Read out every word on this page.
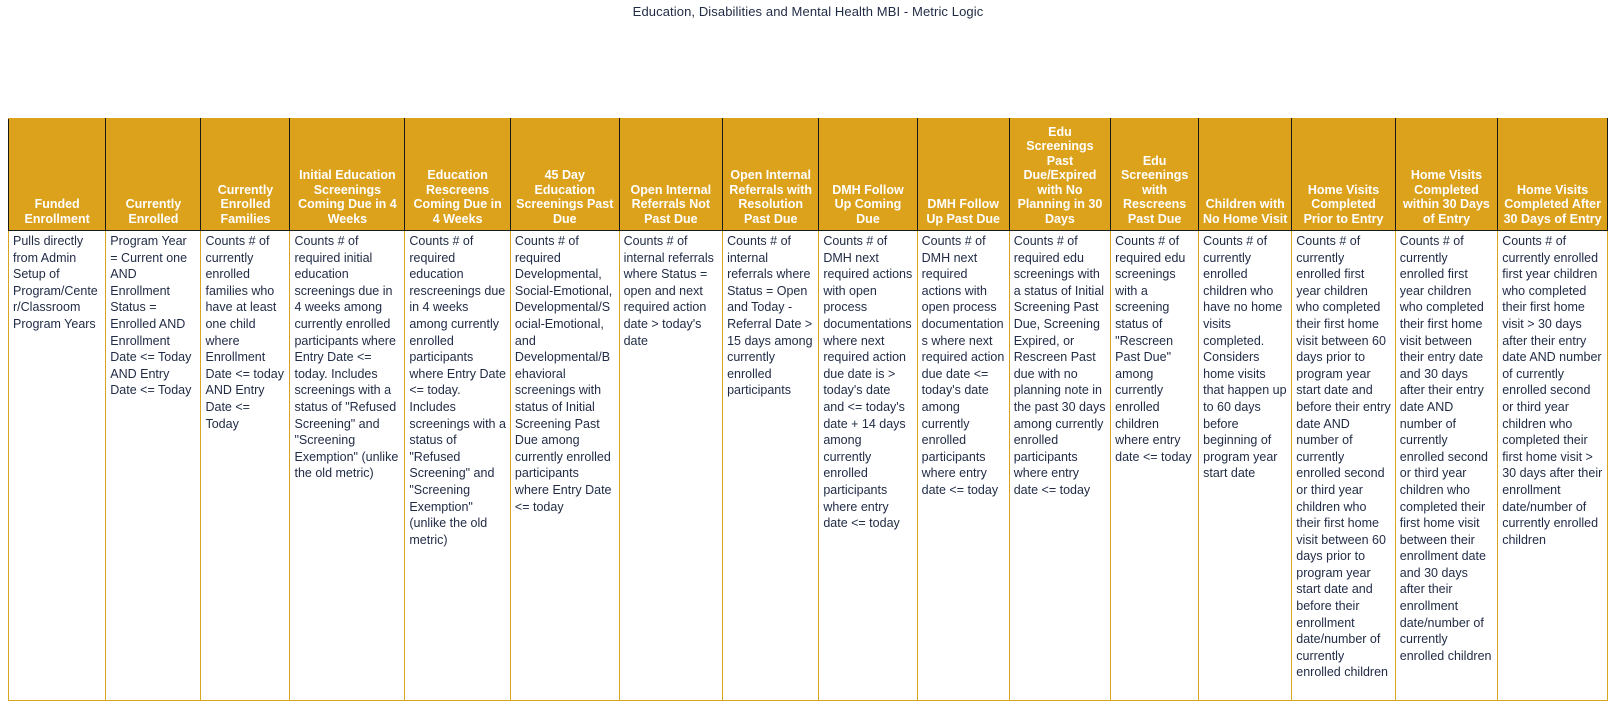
Education, Disabilities and Mental Health MBI - Metric Logic
Funded Enrollment	Currently Enrolled	Currently Enrolled Families	Initial Education Screenings Coming Due in 4 Weeks	Education Rescreens Coming Due in 4 Weeks	45 Day Education Screenings Past Due	Open Internal Referrals Not Past Due	Open Internal Referrals with Resolution Past Due	DMH Follow Up Coming Due	DMH Follow Up Past Due	Edu Screenings Past Due/Expired with No Planning in 30 Days	Edu Screenings with Rescreens Past Due	Children with No Home Visit	Home Visits Completed Prior to Entry	Home Visits Completed within 30 Days of Entry	Home Visits Completed After 30 Days of Entry
Pulls directly from Admin Setup of Program/Center/Classroom Program Years	Program Year = Current one AND Enrollment Status = Enrolled AND Enrollment Date <= Today AND Entry Date <= Today	Counts # of currently enrolled families who have at least one child where Enrollment Date <= today AND Entry Date <= Today	Counts # of required initial education screenings due in 4 weeks among currently enrolled participants where Entry Date <= today. Includes screenings with a status of "Refused Screening" and "Screening Exemption" (unlike the old metric)	Counts # of required education rescreenings due in 4 weeks among currently enrolled participants where Entry Date <= today. Includes screenings with a status of "Refused Screening" and "Screening Exemption" (unlike the old metric)	Counts # of required Developmental, Social-Emotional, Developmental/Social-Emotional, and Developmental/Behavioral screenings with status of Initial Screening Past Due among currently enrolled participants where Entry Date <= today	Counts # of internal referrals where Status = open and next required action date > today's date	Counts # of internal referrals where Status = Open and Today - Referral Date > 15 days among currently enrolled participants	Counts # of DMH next required actions with open process documentations where next required action due date is > today's date and <= today's date + 14 days among currently enrolled participants where entry date <= today	Counts # of DMH next required actions with open process documentations where next required action due date <= today's date among currently enrolled participants where entry date <= today	Counts # of required edu screenings with a status of Initial Screening Past Due, Screening Expired, or Rescreen Past due with no planning note in the past 30 days among currently enrolled participants where entry date <= today	Counts # of required edu screenings with a screening status of "Rescreen Past Due" among currently enrolled children where entry date <= today	Counts # of currently enrolled children who have no home visits completed. Considers home visits that happen up to 60 days before beginning of program year start date	Counts # of currently enrolled first year children who completed their first home visit between 60 days prior to program year start date and before their entry date AND number of currently enrolled second or third year children who their first home visit between 60 days prior to program year start date and before their enrollment date/number of currently enrolled children	Counts # of currently enrolled first year children who completed their first home visit between their entry date and 30 days after their entry date AND number of currently enrolled second or third year children who completed their first home visit between their enrollment date and 30 days after their enrollment date/number of currently enrolled children	Counts # of currently enrolled first year children who completed their first home visit > 30 days after their entry date AND number of currently enrolled second or third year children who completed their first home visit > 30 days after their enrollment date/number of currently enrolled children
